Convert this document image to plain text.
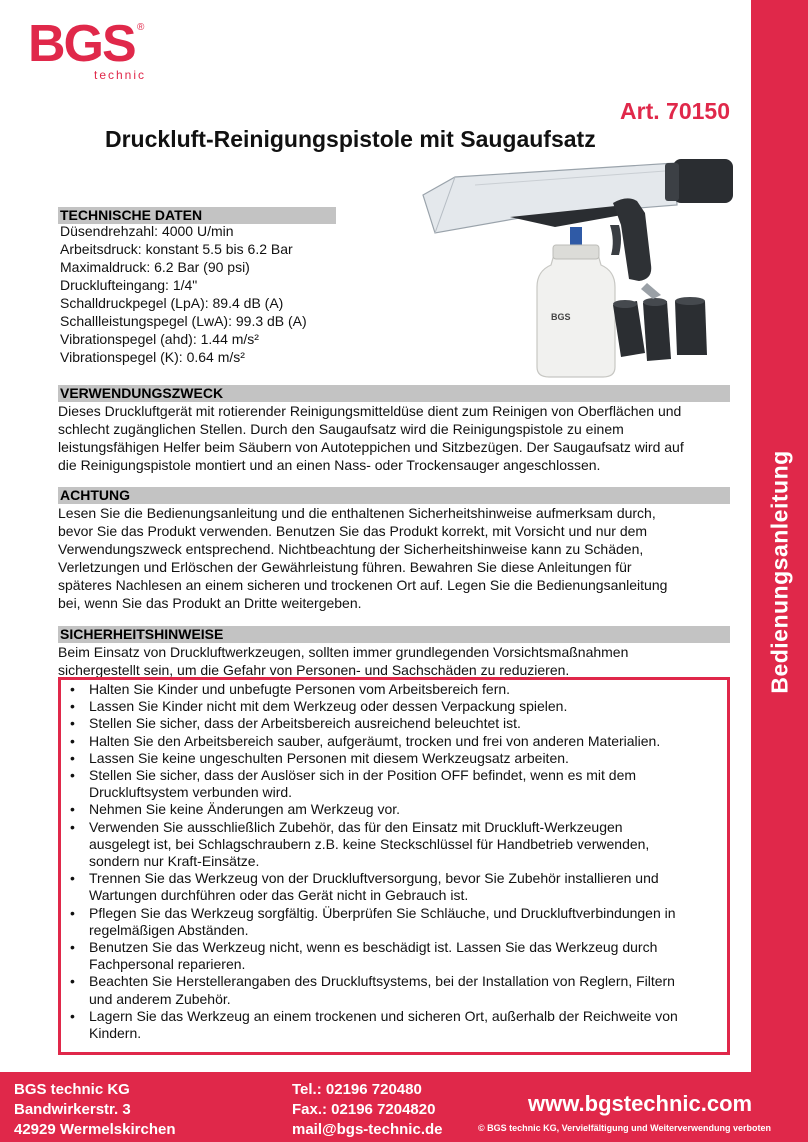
Bedienungsanleitung
BGS ®
technic
Art. 70150
Druckluft-Reinigungspistole mit Saugaufsatz
BGS
TECHNISCHE DATEN
Düsendrehzahl: 4000 U/min
Arbeitsdruck: konstant 5.5 bis 6.2 Bar
Maximaldruck: 6.2 Bar (90 psi)
Drucklufteingang: 1/4"
Schalldruckpegel (LpA): 89.4 dB (A)
Schallleistungspegel (LwA): 99.3 dB (A)
Vibrationspegel (ahd): 1.44 m/s²
Vibrationspegel (K): 0.64 m/s²
VERWENDUNGSZWECK
Dieses Druckluftgerät mit rotierender Reinigungsmitteldüse dient zum Reinigen von Oberflächen und
schlecht zugänglichen Stellen. Durch den Saugaufsatz wird die Reinigungspistole zu einem
leistungsfähigen Helfer beim Säubern von Autoteppichen und Sitzbezügen. Der Saugaufsatz wird auf
die Reinigungspistole montiert und an einen Nass- oder Trockensauger angeschlossen.
ACHTUNG
Lesen Sie die Bedienungsanleitung und die enthaltenen Sicherheitshinweise aufmerksam durch,
bevor Sie das Produkt verwenden. Benutzen Sie das Produkt korrekt, mit Vorsicht und nur dem
Verwendungszweck entsprechend. Nichtbeachtung der Sicherheitshinweise kann zu Schäden,
Verletzungen und Erlöschen der Gewährleistung führen. Bewahren Sie diese Anleitungen für
späteres Nachlesen an einem sicheren und trockenen Ort auf. Legen Sie die Bedienungsanleitung
bei, wenn Sie das Produkt an Dritte weitergeben.
SICHERHEITSHINWEISE
Beim Einsatz von Druckluftwerkzeugen, sollten immer grundlegenden Vorsichtsmaßnahmen
sichergestellt sein, um die Gefahr von Personen- und Sachschäden zu reduzieren.
• Halten Sie Kinder und unbefugte Personen vom Arbeitsbereich fern.
• Lassen Sie Kinder nicht mit dem Werkzeug oder dessen Verpackung spielen.
• Stellen Sie sicher, dass der Arbeitsbereich ausreichend beleuchtet ist.
• Halten Sie den Arbeitsbereich sauber, aufgeräumt, trocken und frei von anderen Materialien.
• Lassen Sie keine ungeschulten Personen mit diesem Werkzeugsatz arbeiten.
• Stellen Sie sicher, dass der Auslöser sich in der Position OFF befindet, wenn es mit dem
Druckluftsystem verbunden wird.
• Nehmen Sie keine Änderungen am Werkzeug vor.
• Verwenden Sie ausschließlich Zubehör, das für den Einsatz mit Druckluft-Werkzeugen
ausgelegt ist, bei Schlagschraubern z.B. keine Steckschlüssel für Handbetrieb verwenden,
sondern nur Kraft-Einsätze.
• Trennen Sie das Werkzeug von der Druckluftversorgung, bevor Sie Zubehör installieren und
Wartungen durchführen oder das Gerät nicht in Gebrauch ist.
• Pflegen Sie das Werkzeug sorgfältig. Überprüfen Sie Schläuche, und Druckluftverbindungen in
regelmäßigen Abständen.
• Benutzen Sie das Werkzeug nicht, wenn es beschädigt ist. Lassen Sie das Werkzeug durch
Fachpersonal reparieren.
• Beachten Sie Herstellerangaben des Druckluftsystems, bei der Installation von Reglern, Filtern
und anderem Zubehör.
• Lagern Sie das Werkzeug an einem trockenen und sicheren Ort, außerhalb der Reichweite von
Kindern.
BGS technic KG
Bandwirkerstr. 3
42929 Wermelskirchen
Tel.: 02196 720480
Fax.: 02196 7204820
mail@bgs-technic.de
www.bgstechnic.com
© BGS technic KG, Vervielfältigung und Weiterverwendung verboten
